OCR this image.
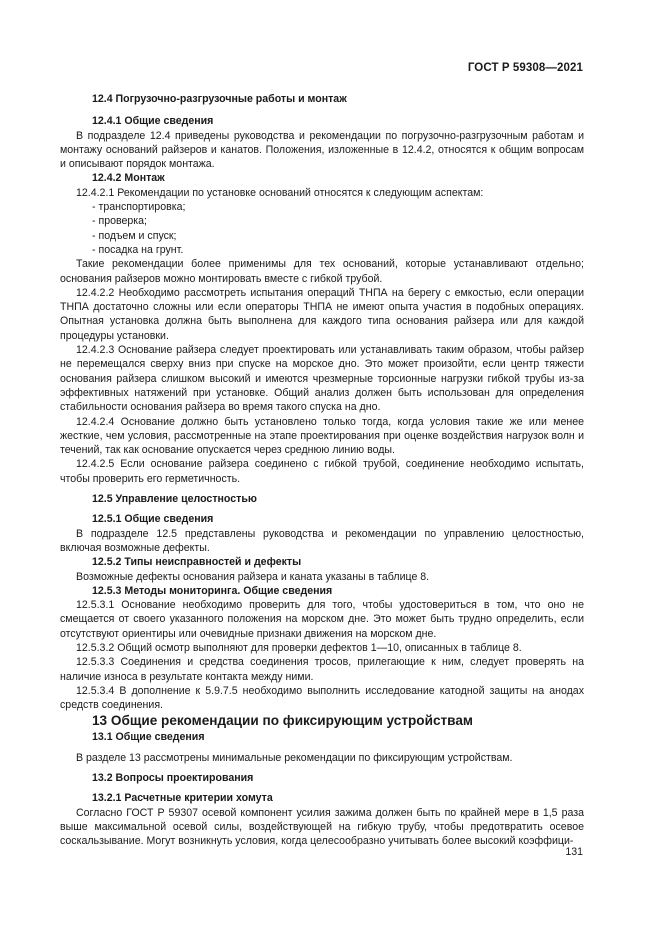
ГОСТ Р 59308—2021

12.4 Погрузочно-разгрузочные работы и монтаж

12.4.1 Общие сведения

В подразделе 12.4 приведены руководства и рекомендации по погрузочно-разгрузочным работам и монтажу оснований райзеров и канатов. Положения, изложенные в 12.4.2, относятся к общим вопросам и описывают порядок монтажа.

12.4.2 Монтаж

12.4.2.1 Рекомендации по установке оснований относятся к следующим аспектам:

- транспортировка;

- проверка;

- подъем и спуск;

- посадка на грунт.

Такие рекомендации более применимы для тех оснований, которые устанавливают отдельно; основания райзеров можно монтировать вместе с гибкой трубой.

12.4.2.2 Необходимо рассмотреть испытания операций ТНПА на берегу с емкостью, если операции ТНПА достаточно сложны или если операторы ТНПА не имеют опыта участия в подобных операциях. Опытная установка должна быть выполнена для каждого типа основания райзера или для каждой процедуры установки.

12.4.2.3 Основание райзера следует проектировать или устанавливать таким образом, чтобы райзер не перемещался сверху вниз при спуске на морское дно. Это может произойти, если центр тяжести основания райзера слишком высокий и имеются чрезмерные торсионные нагрузки гибкой трубы из-за эффективных натяжений при установке. Общий анализ должен быть использован для определения стабильности основания райзера во время такого спуска на дно.

12.4.2.4 Основание должно быть установлено только тогда, когда условия такие же или менее жесткие, чем условия, рассмотренные на этапе проектирования при оценке воздействия нагрузок волн и течений, так как основание опускается через среднюю линию воды.

12.4.2.5 Если основание райзера соединено с гибкой трубой, соединение необходимо испытать, чтобы проверить его герметичность.

12.5 Управление целостностью

12.5.1 Общие сведения

В подразделе 12.5 представлены руководства и рекомендации по управлению целостностью, включая возможные дефекты.

12.5.2 Типы неисправностей и дефекты

Возможные дефекты основания райзера и каната указаны в таблице 8.

12.5.3 Методы мониторинга. Общие сведения

12.5.3.1 Основание необходимо проверить для того, чтобы удостовериться в том, что оно не смещается от своего указанного положения на морском дне. Это может быть трудно определить, если отсутствуют ориентиры или очевидные признаки движения на морском дне.

12.5.3.2 Общий осмотр выполняют для проверки дефектов 1—10, описанных в таблице 8.

12.5.3.3 Соединения и средства соединения тросов, прилегающие к ним, следует проверять на наличие износа в результате контакта между ними.

12.5.3.4 В дополнение к 5.9.7.5 необходимо выполнить исследование катодной защиты на анодах средств соединения.

13 Общие рекомендации по фиксирующим устройствам

13.1 Общие сведения

В разделе 13 рассмотрены минимальные рекомендации по фиксирующим устройствам.

13.2 Вопросы проектирования

13.2.1 Расчетные критерии хомута

Согласно ГОСТ Р 59307 осевой компонент усилия зажима должен быть по крайней мере в 1,5 раза выше максимальной осевой силы, воздействующей на гибкую трубу, чтобы предотвратить осевое соскальзывание. Могут возникнуть условия, когда целесообразно учитывать более высокий коэффици-

131
